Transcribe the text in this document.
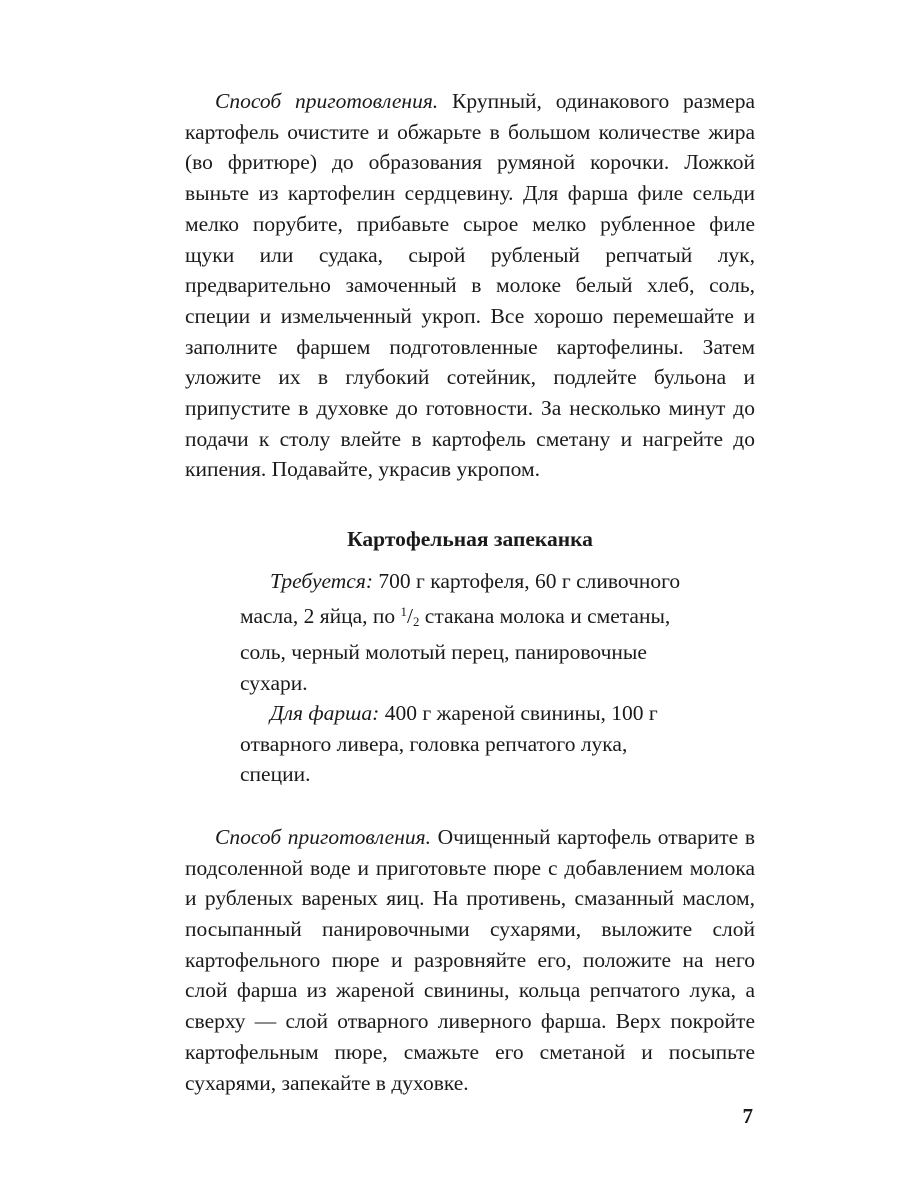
Способ приготовления. Крупный, одинакового размера картофель очистите и обжарьте в большом количестве жира (во фритюре) до образования румяной корочки. Ложкой выньте из картофелин сердцевину. Для фарша филе сельди мелко порубите, прибавьте сырое мелко рубленное филе щуки или судака, сырой рубленый репчатый лук, предварительно замоченный в молоке белый хлеб, соль, специи и измельченный укроп. Все хорошо перемешайте и заполните фаршем подготовленные картофелины. Затем уложите их в глубокий сотейник, подлейте бульона и припустите в духовке до готовности. За несколько минут до подачи к столу влейте в картофель сметану и нагрейте до кипения. Подавайте, украсив укропом.

Картофельная запеканка

Требуется: 700 г картофеля, 60 г сливочного масла, 2 яйца, по $^1/_2$ стакана молока и сметаны, соль, черный молотый перец, панировочные сухари.

Для фарша: 400 г жареной свинины, 100 г отварного ливера, головка репчатого лука, специи.

Способ приготовления. Очищенный картофель отварите в подсоленной воде и приготовьте пюре с добавлением молока и рубленых вареных яиц. На противень, смазанный маслом, посыпанный панировочными сухарями, выложите слой картофельного пюре и разровняйте его, положите на него слой фарша из жареной свинины, кольца репчатого лука, а сверху — слой отварного ливерного фарша. Верх покройте картофельным пюре, смажьте его сметаной и посыпьте сухарями, запекайте в духовке.

7
